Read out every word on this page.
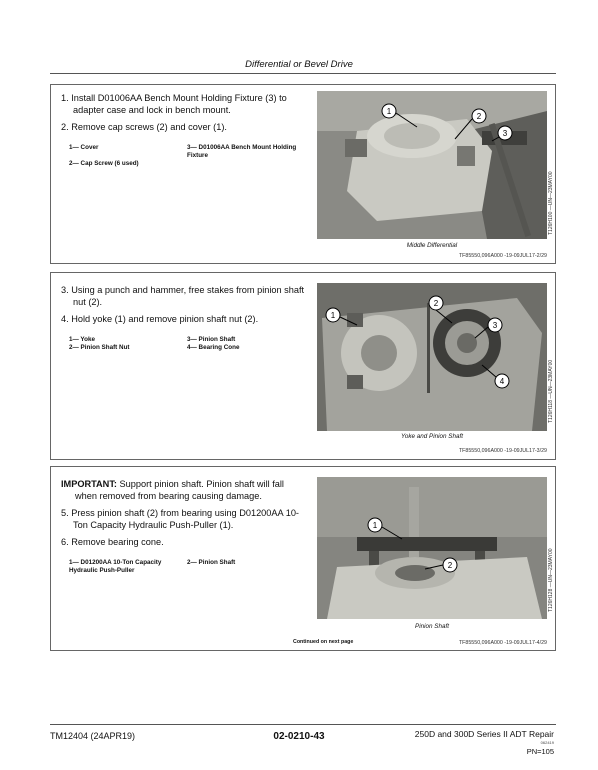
Differential or Bevel Drive

1. Install D01006AA Bench Mount Holding Fixture (3) to adapter case and lock in bench mount.

2. Remove cap screws (2) and cover (1).

1— Cover	3— D01006AA Bench Mount Holding Fixture
2— Cap Screw (6 used)
1
2
3
Middle Differential
TF85550,096A000 -19-09JUL17-2/29
T126H100 —UN—23MAY00

3. Using a punch and hammer, free stakes from pinion shaft nut (2).

4. Hold yoke (1) and remove pinion shaft nut (2).

1— Yoke	3— Pinion Shaft
2— Pinion Shaft Nut	4— Bearing Cone
1
2
3
4
Yoke and Pinion Shaft
TF85550,096A000 -19-09JUL17-3/29
T126H118 —UN—23MAY00

IMPORTANT: Support pinion shaft. Pinion shaft will fall when removed from bearing causing damage.

5. Press pinion shaft (2) from bearing using D01200AA 10-Ton Capacity Hydraulic Push-Puller (1).

6. Remove bearing cone.

1— D01200AA 10-Ton Capacity Hydraulic Push-Puller
2— Pinion Shaft
1
2
Pinion Shaft
Continued on next page	TF85550,096A000 -19-09JUL17-4/29
T126H128 —UN—23MAY00
TM12404 (24APR19)	02-0210-43	250D and 300D Series II ADT Repair
062419
PN=105
